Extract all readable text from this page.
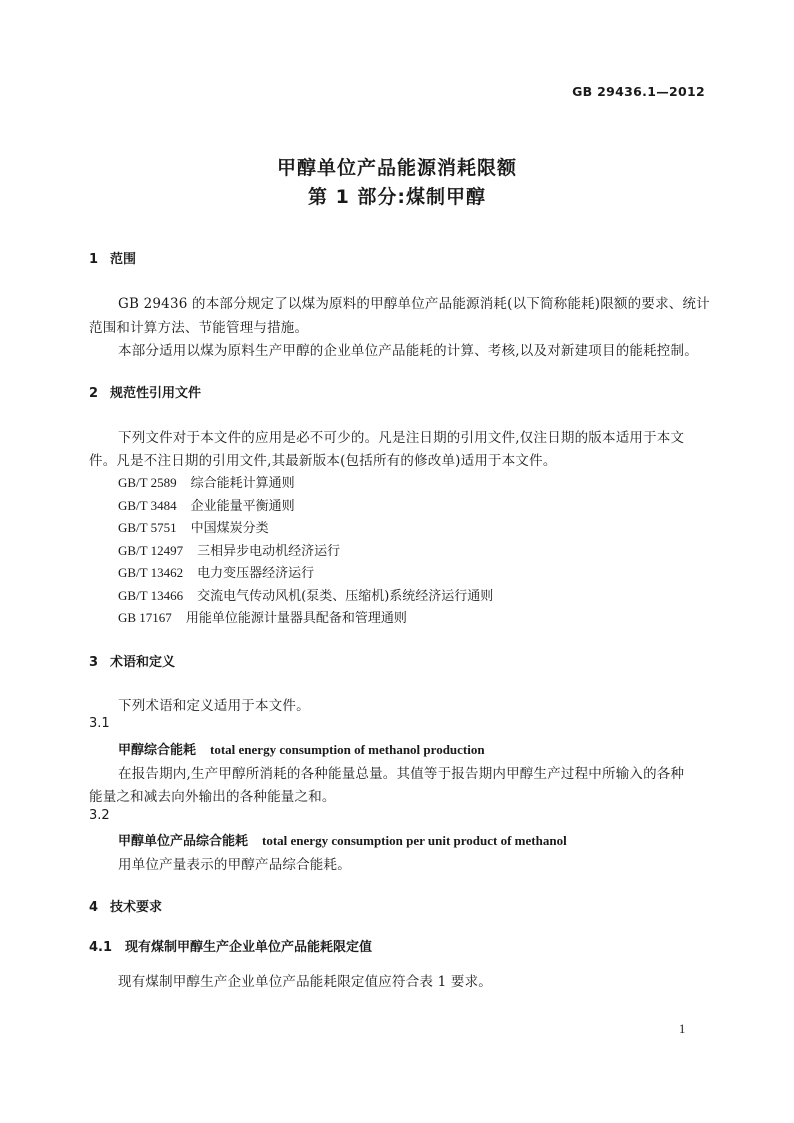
GB 29436.1—2012
甲醇单位产品能源消耗限额
第 1 部分:煤制甲醇
1 范围
GB 29436 的本部分规定了以煤为原料的甲醇单位产品能源消耗(以下简称能耗)限额的要求、统计
范围和计算方法、节能管理与措施。
本部分适用以煤为原料生产甲醇的企业单位产品能耗的计算、考核,以及对新建项目的能耗控制。
2 规范性引用文件
下列文件对于本文件的应用是必不可少的。凡是注日期的引用文件,仅注日期的版本适用于本文
件。凡是不注日期的引用文件,其最新版本(包括所有的修改单)适用于本文件。
GB/T 2589 综合能耗计算通则
GB/T 3484 企业能量平衡通则
GB/T 5751 中国煤炭分类
GB/T 12497 三相异步电动机经济运行
GB/T 13462 电力变压器经济运行
GB/T 13466 交流电气传动风机(泵类、压缩机)系统经济运行通则
GB 17167 用能单位能源计量器具配备和管理通则
3 术语和定义
下列术语和定义适用于本文件。
3.1
甲醇综合能耗 total energy consumption of methanol production
在报告期内,生产甲醇所消耗的各种能量总量。其值等于报告期内甲醇生产过程中所输入的各种
能量之和减去向外输出的各种能量之和。
3.2
甲醇单位产品综合能耗 total energy consumption per unit product of methanol
用单位产量表示的甲醇产品综合能耗。
4 技术要求
4.1 现有煤制甲醇生产企业单位产品能耗限定值
现有煤制甲醇生产企业单位产品能耗限定值应符合表 1 要求。
1
